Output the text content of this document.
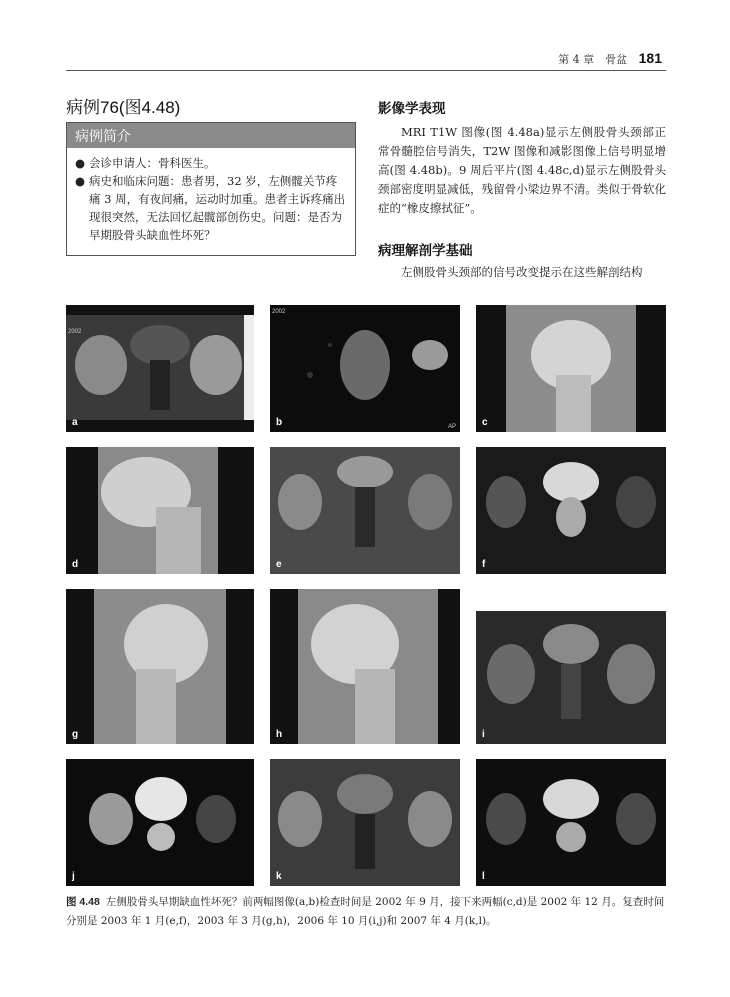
第 4 章　骨盆 181
病例76(图4.48)
病例简介
● 会诊申请人：骨科医生。
● 病史和临床问题：患者男，32 岁，左侧髋关节疼痛 3 周，有夜间痛，运动时加重。患者主诉疼痛出现很突然，无法回忆起髋部创伤史。问题：是否为早期股骨头缺血性坏死？
影像学表现
MRI T1W 图像(图 4.48a)显示左侧股骨头颈部正常骨髓腔信号消失，T2W 图像和减影图像上信号明显增高(图 4.48b)。9 周后平片(图 4.48c,d)显示左侧股骨头颈部密度明显减低，残留骨小梁边界不清。类似于骨软化症的“橡皮擦拭征”。
病理解剖学基础
左侧股骨头颈部的信号改变提示在这些解剖结构
2002
a
2002
AP
b	c
d	e	f
g	h	i
j	k	l
图 4.48 左侧股骨头早期缺血性坏死？前两幅图像(a,b)检查时间是 2002 年 9 月，接下来两幅(c,d)是 2002 年 12 月。复查时间分别是 2003 年 1 月(e,f)，2003 年 3 月(g,h)，2006 年 10 月(i,j)和 2007 年 4 月(k,l)。
